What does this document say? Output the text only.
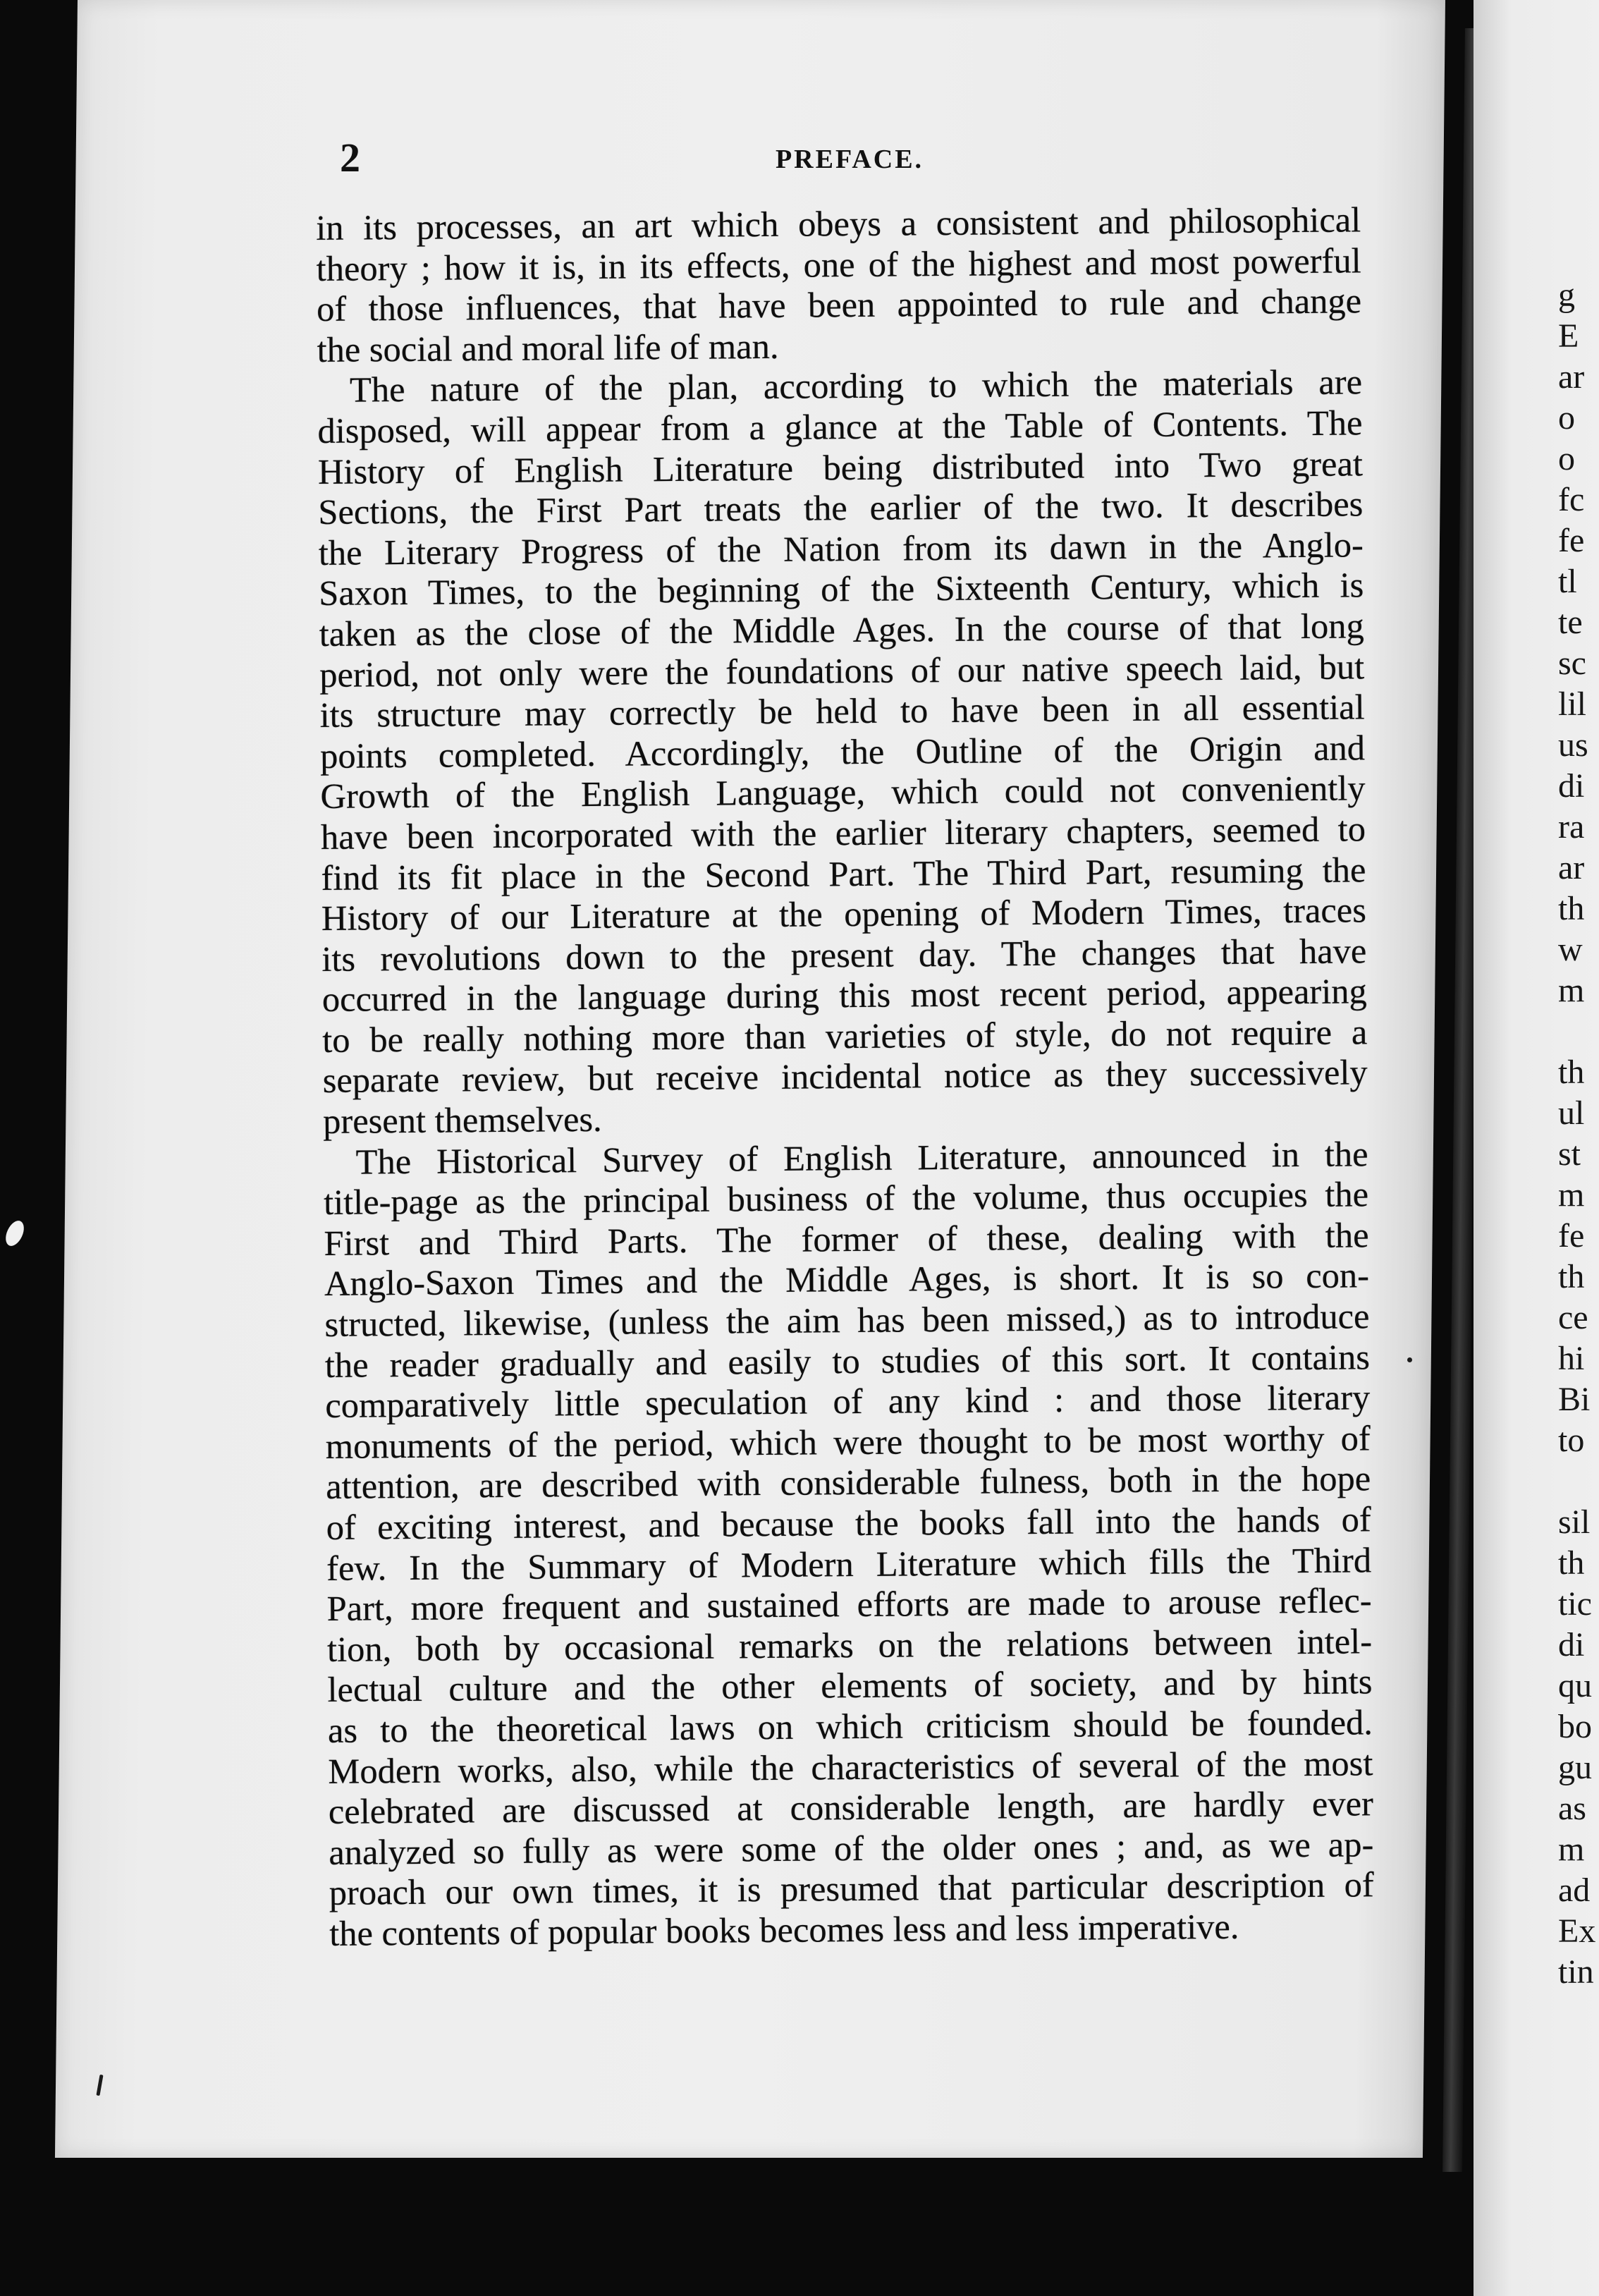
g
E
ar
o
o
fc
fe
tl
te
sc
lil
us
di
ra
ar
th
w
m
th
ul
st
m
fe
th
ce
hi
Bi
to
sil
th
tic
di
qu
bo
gu
as
m
ad
Ex
tin
2	PREFACE.

in its processes, an art which obeys a consistent and philosophical
theory ; how it is, in its effects, one of the highest and most powerful
of those influences, that have been appointed to rule and change
the social and moral life of man.

The nature of the plan, according to which the materials are
disposed, will appear from a glance at the Table of Contents. The
History of English Literature being distributed into Two great
Sections, the First Part treats the earlier of the two. It describes
the Literary Progress of the Nation from its dawn in the Anglo-
Saxon Times, to the beginning of the Sixteenth Century, which is
taken as the close of the Middle Ages. In the course of that long
period, not only were the foundations of our native speech laid, but
its structure may correctly be held to have been in all essential
points completed. Accordingly, the Outline of the Origin and
Growth of the English Language, which could not conveniently
have been incorporated with the earlier literary chapters, seemed to
find its fit place in the Second Part. The Third Part, resuming the
History of our Literature at the opening of Modern Times, traces
its revolutions down to the present day. The changes that have
occurred in the language during this most recent period, appearing
to be really nothing more than varieties of style, do not require a
separate review, but receive incidental notice as they successively
present themselves.

The Historical Survey of English Literature, announced in the
title-page as the principal business of the volume, thus occupies the
First and Third Parts. The former of these, dealing with the
Anglo-Saxon Times and the Middle Ages, is short. It is so con-
structed, likewise, (unless the aim has been missed,) as to introduce
the reader gradually and easily to studies of this sort. It contains
comparatively little speculation of any kind : and those literary
monuments of the period, which were thought to be most worthy of
attention, are described with considerable fulness, both in the hope
of exciting interest, and because the books fall into the hands of
few. In the Summary of Modern Literature which fills the Third
Part, more frequent and sustained efforts are made to arouse reflec-
tion, both by occasional remarks on the relations between intel-
lectual culture and the other elements of society, and by hints
as to the theoretical laws on which criticism should be founded.
Modern works, also, while the characteristics of several of the most
celebrated are discussed at considerable length, are hardly ever
analyzed so fully as were some of the older ones ; and, as we ap-
proach our own times, it is presumed that particular description of
the contents of popular books becomes less and less imperative.
